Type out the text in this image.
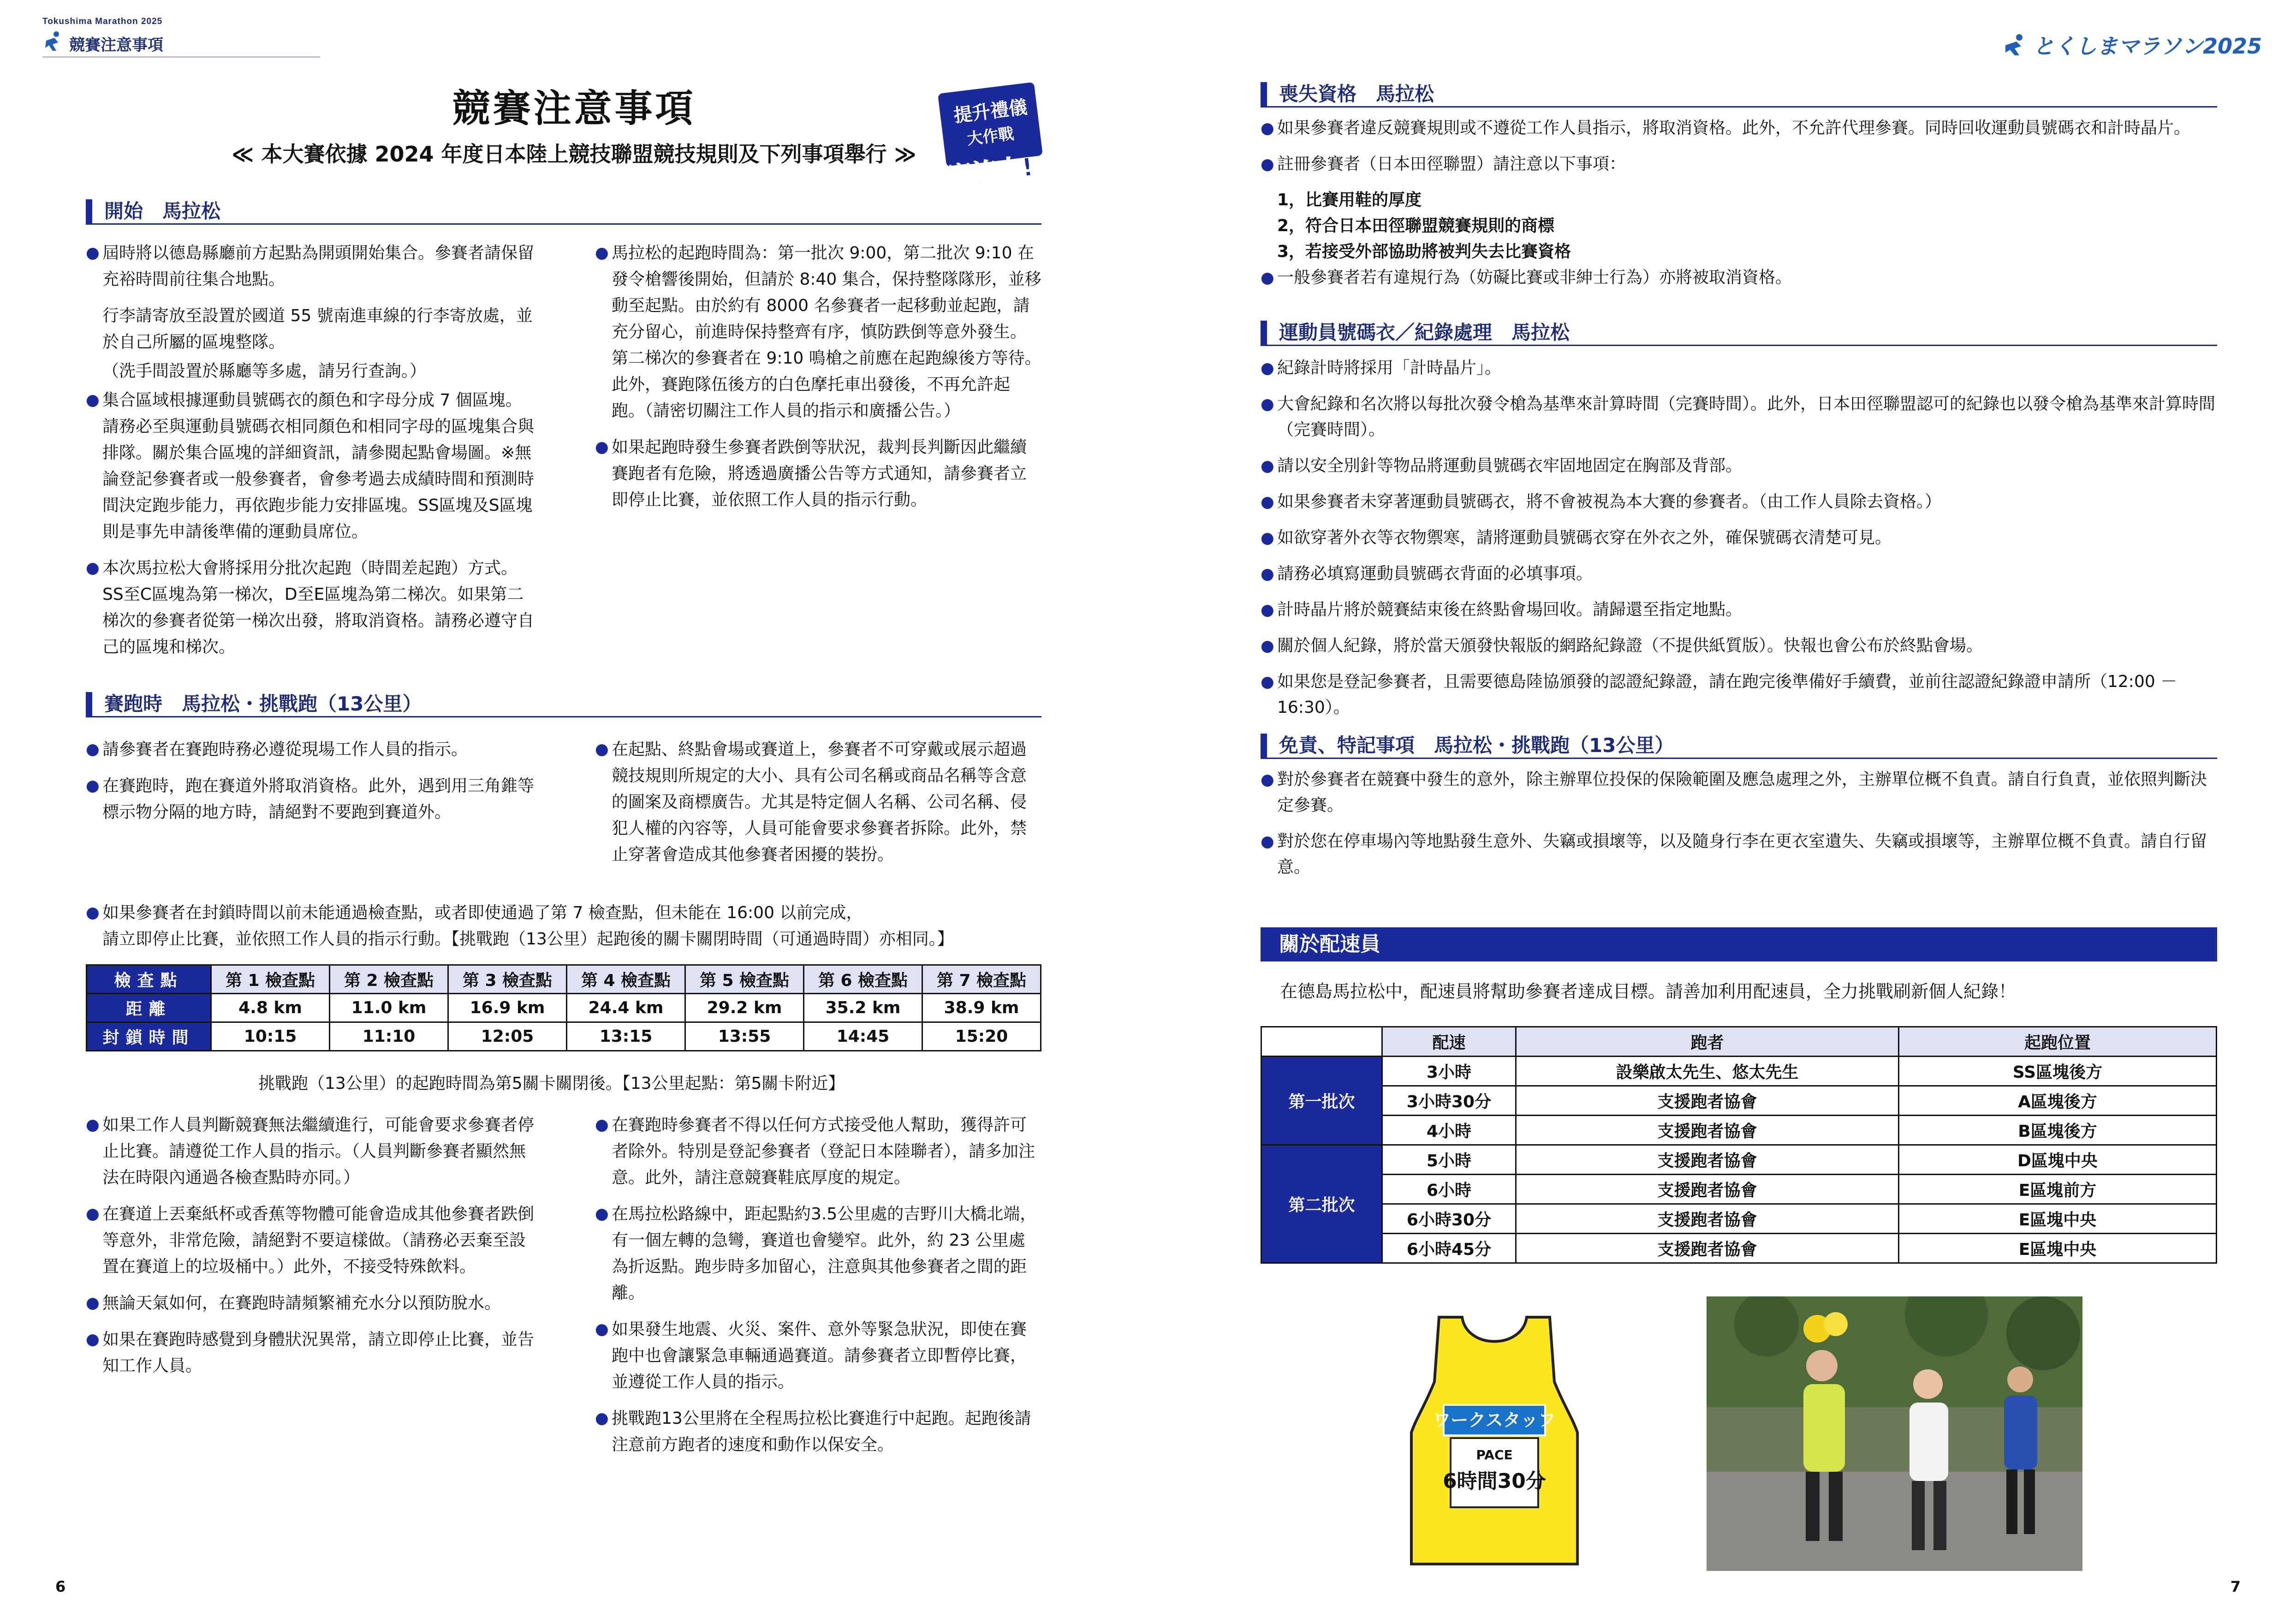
Tokushima Marathon 2025
競賽注意事項	とくしまマラソン2025
競賽注意事項
≪ 本大賽依據 2024 年度日本陸上競技聯盟競技規則及下列事項舉行 ≫
提升禮儀
大作戰
實施中!
開始　馬拉松
● 屆時將以德島縣廳前方起點為開頭開始集合。參賽者請保留充裕時間前往集合地點。
行李請寄放至設置於國道 55 號南進車線的行李寄放處，並於自己所屬的區塊整隊。
（洗手間設置於縣廳等多處，請另行查詢。）
● 集合區域根據運動員號碼衣的顏色和字母分成 7 個區塊。請務必至與運動員號碼衣相同顏色和相同字母的區塊集合與排隊。關於集合區塊的詳細資訊，請參閱起點會場圖。※無論登記參賽者或一般參賽者，會參考過去成績時間和預測時間決定跑步能力，再依跑步能力安排區塊。SS區塊及S區塊則是事先申請後準備的運動員席位。
● 本次馬拉松大會將採用分批次起跑（時間差起跑）方式。SS至C區塊為第一梯次，D至E區塊為第二梯次。如果第二梯次的參賽者從第一梯次出發，將取消資格。請務必遵守自己的區塊和梯次。
● 馬拉松的起跑時間為：第一批次 9:00，第二批次 9:10 在發令槍響後開始，但請於 8:40 集合，保持整隊隊形，並移動至起點。由於約有 8000 名參賽者一起移動並起跑，請充分留心，前進時保持整齊有序，慎防跌倒等意外發生。第二梯次的參賽者在 9:10 鳴槍之前應在起跑線後方等待。此外，賽跑隊伍後方的白色摩托車出發後，不再允許起跑。（請密切關注工作人員的指示和廣播公告。）
● 如果起跑時發生參賽者跌倒等狀況，裁判長判斷因此繼續賽跑者有危險，將透過廣播公告等方式通知，請參賽者立即停止比賽，並依照工作人員的指示行動。
賽跑時　馬拉松・挑戰跑（13公里）
● 請參賽者在賽跑時務必遵從現場工作人員的指示。
● 在賽跑時，跑在賽道外將取消資格。此外，遇到用三角錐等標示物分隔的地方時，請絕對不要跑到賽道外。
● 在起點、終點會場或賽道上，參賽者不可穿戴或展示超過競技規則所規定的大小、具有公司名稱或商品名稱等含意的圖案及商標廣告。尤其是特定個人名稱、公司名稱、侵犯人權的內容等，人員可能會要求參賽者拆除。此外，禁止穿著會造成其他參賽者困擾的裝扮。
● 如果參賽者在封鎖時間以前未能通過檢查點，或者即使通過了第 7 檢查點，但未能在 16:00 以前完成，
請立即停止比賽，並依照工作人員的指示行動。【挑戰跑（13公里）起跑後的關卡關閉時間（可通過時間）亦相同。】
檢查點	第 1 檢查點	第 2 檢查點	第 3 檢查點	第 4 檢查點	第 5 檢查點	第 6 檢查點	第 7 檢查點
距離	4.8 km	11.0 km	16.9 km	24.4 km	29.2 km	35.2 km	38.9 km
封鎖時間	10:15	11:10	12:05	13:15	13:55	14:45	15:20
挑戰跑（13公里）的起跑時間為第5關卡關閉後。【13公里起點：第5關卡附近】
● 如果工作人員判斷競賽無法繼續進行，可能會要求參賽者停止比賽。請遵從工作人員的指示。（人員判斷參賽者顯然無法在時限內通過各檢查點時亦同。）
● 在賽道上丟棄紙杯或香蕉等物體可能會造成其他參賽者跌倒等意外，非常危險，請絕對不要這樣做。（請務必丟棄至設置在賽道上的垃圾桶中。）此外，不接受特殊飲料。
● 無論天氣如何，在賽跑時請頻繁補充水分以預防脫水。
● 如果在賽跑時感覺到身體狀況異常，請立即停止比賽，並告知工作人員。
● 在賽跑時參賽者不得以任何方式接受他人幫助，獲得許可者除外。特別是登記參賽者（登記日本陸聯者），請多加注意。此外，請注意競賽鞋底厚度的規定。
● 在馬拉松路線中，距起點約3.5公里處的吉野川大橋北端，有一個左轉的急彎，賽道也會變窄。此外，約 23 公里處為折返點。跑步時多加留心，注意與其他參賽者之間的距離。
● 如果發生地震、火災、案件、意外等緊急狀況，即使在賽跑中也會讓緊急車輛通過賽道。請參賽者立即暫停比賽，並遵從工作人員的指示。
● 挑戰跑13公里將在全程馬拉松比賽進行中起跑。起跑後請注意前方跑者的速度和動作以保安全。
喪失資格　馬拉松
● 如果參賽者違反競賽規則或不遵從工作人員指示，將取消資格。此外，不允許代理參賽。同時回收運動員號碼衣和計時晶片。
● 註冊參賽者（日本田徑聯盟）請注意以下事項：
1，比賽用鞋的厚度
2，符合日本田徑聯盟競賽規則的商標
3，若接受外部協助將被判失去比賽資格
● 一般參賽者若有違規行為（妨礙比賽或非紳士行為）亦將被取消資格。
運動員號碼衣／紀錄處理　馬拉松
● 紀錄計時將採用「計時晶片」。
● 大會紀錄和名次將以每批次發令槍為基準來計算時間（完賽時間）。此外，日本田徑聯盟認可的紀錄也以發令槍為基準來計算時間（完賽時間）。
● 請以安全別針等物品將運動員號碼衣牢固地固定在胸部及背部。
● 如果參賽者未穿著運動員號碼衣，將不會被視為本大賽的參賽者。（由工作人員除去資格。）
● 如欲穿著外衣等衣物禦寒，請將運動員號碼衣穿在外衣之外，確保號碼衣清楚可見。
● 請務必填寫運動員號碼衣背面的必填事項。
● 計時晶片將於競賽結束後在終點會場回收。請歸還至指定地點。
● 關於個人紀錄，將於當天頒發快報版的網路紀錄證（不提供紙質版）。快報也會公布於終點會場。
● 如果您是登記參賽者，且需要德島陸協頒發的認證紀錄證，請在跑完後準備好手續費，並前往認證紀錄證申請所（12:00 － 16:30）。
免責、特記事項　馬拉松・挑戰跑（13公里）
● 對於參賽者在競賽中發生的意外，除主辦單位投保的保險範圍及應急處理之外，主辦單位概不負責。請自行負責，並依照判斷決定參賽。
● 對於您在停車場內等地點發生意外、失竊或損壞等，以及隨身行李在更衣室遺失、失竊或損壞等，主辦單位概不負責。請自行留意。
關於配速員
在德島馬拉松中，配速員將幫助參賽者達成目標。請善加利用配速員，全力挑戰刷新個人紀錄！
	配速	跑者	起跑位置
第一批次	3小時	設樂啟太先生、悠太先生	SS區塊後方
	3小時30分	支援跑者協會	A區塊後方
	4小時	支援跑者協會	B區塊後方
第二批次	5小時	支援跑者協會	D區塊中央
	6小時	支援跑者協會	E區塊前方
	6小時30分	支援跑者協會	E區塊中央
	6小時45分	支援跑者協會	E區塊中央
ワークスタッフ
PACE
6時間30分
6	7
